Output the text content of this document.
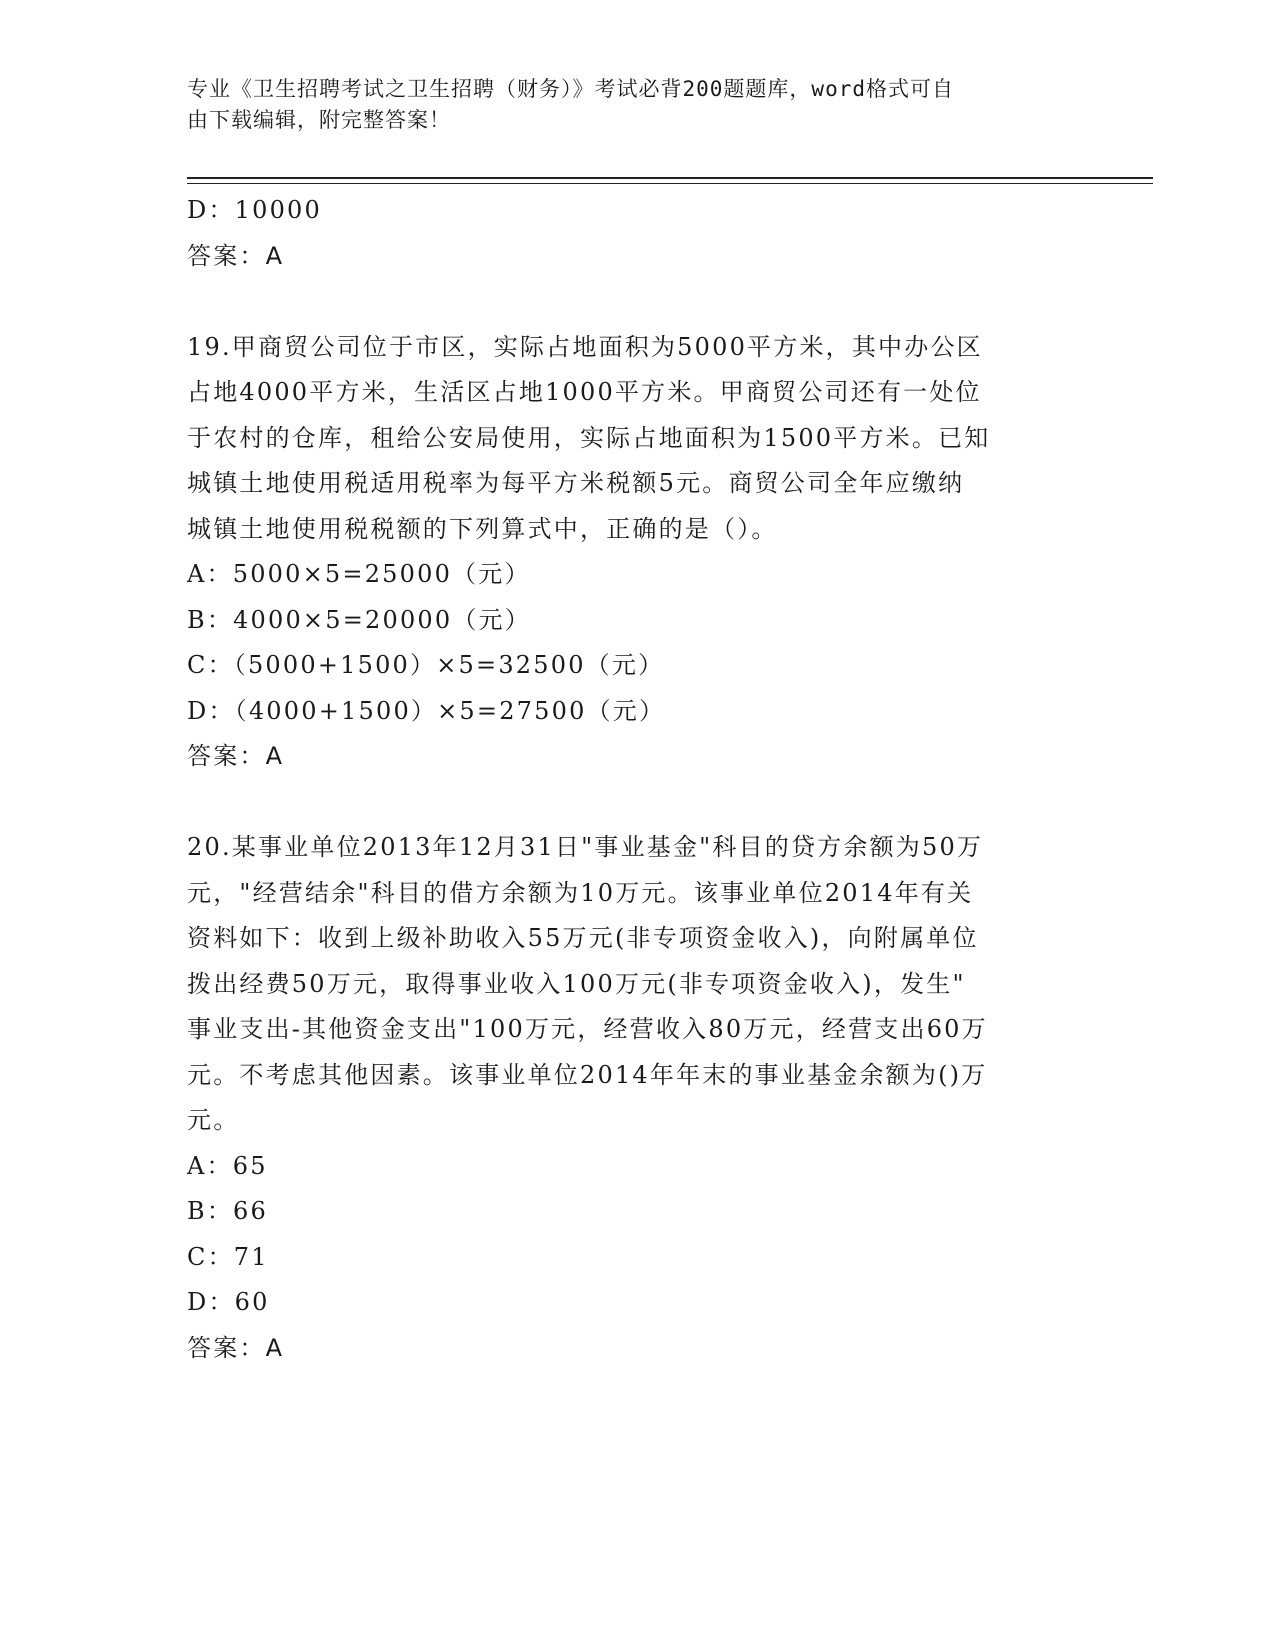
专业《卫生招聘考试之卫生招聘（财务）》考试必背200题题库，word格式可自
由下载编辑，附完整答案！
D：10000
答案：A
19.甲商贸公司位于市区，实际占地面积为5000平方米，其中办公区
占地4000平方米，生活区占地1000平方米。甲商贸公司还有一处位
于农村的仓库，租给公安局使用，实际占地面积为1500平方米。已知
城镇土地使用税适用税率为每平方米税额5元。商贸公司全年应缴纳
城镇土地使用税税额的下列算式中，正确的是（）。
A：5000×5=25000（元）
B：4000×5=20000（元）
C：（5000+1500）×5=32500（元）
D：（4000+1500）×5=27500（元）
答案：A
20.某事业单位2013年12月31日"事业基金"科目的贷方余额为50万
元，"经营结余"科目的借方余额为10万元。该事业单位2014年有关
资料如下：收到上级补助收入55万元(非专项资金收入)，向附属单位
拨出经费50万元，取得事业收入100万元(非专项资金收入)，发生"
事业支出-其他资金支出"100万元，经营收入80万元，经营支出60万
元。不考虑其他因素。该事业单位2014年年末的事业基金余额为()万
元。
A：65
B：66
C：71
D：60
答案：A
